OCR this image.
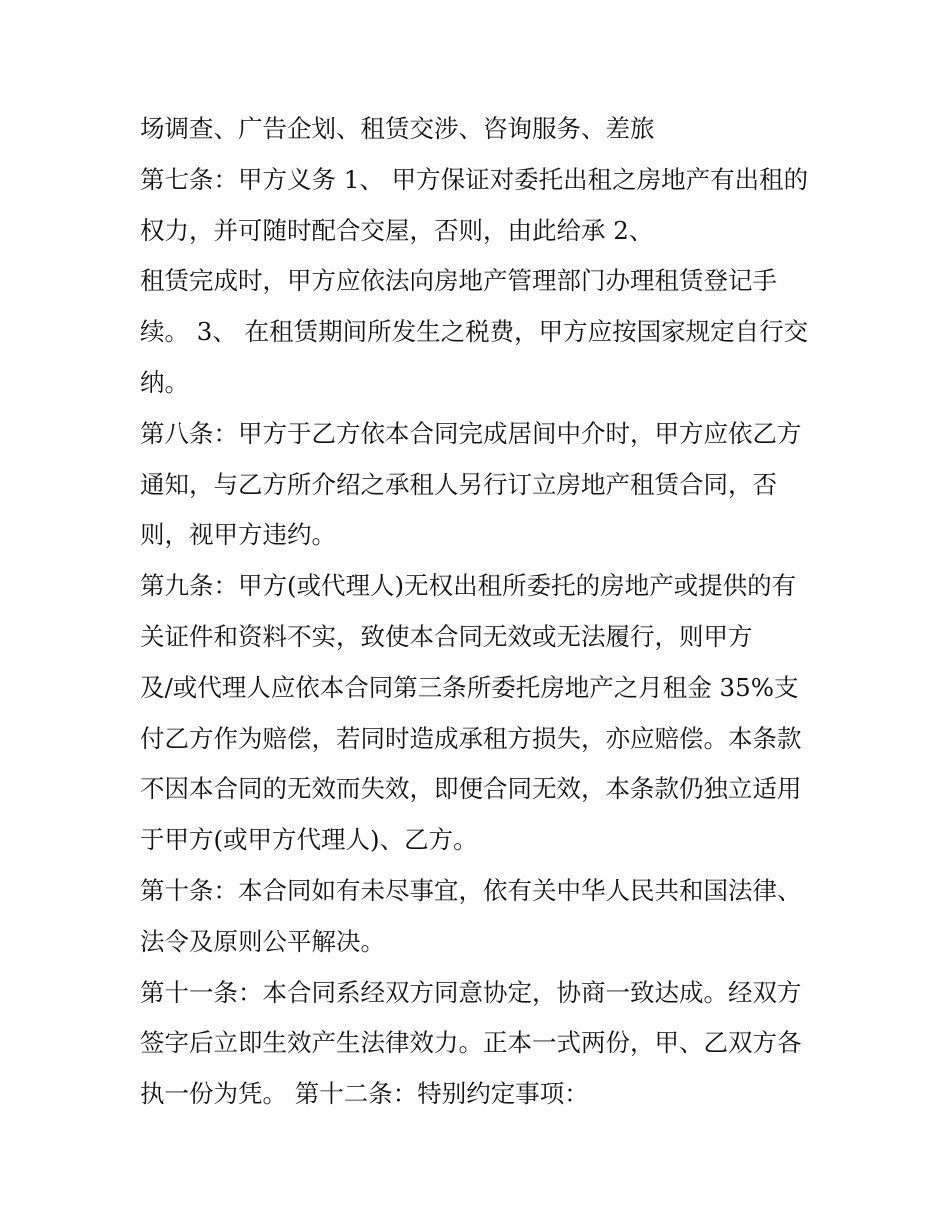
场调查、广告企划、租赁交涉、咨询服务、差旅
第七条：甲方义务 1、 甲方保证对委托出租之房地产有出租的
权力，并可随时配合交屋，否则，由此给承 2、
租赁完成时，甲方应依法向房地产管理部门办理租赁登记手
续。 3、 在租赁期间所发生之税费，甲方应按国家规定自行交
纳。
第八条：甲方于乙方依本合同完成居间中介时，甲方应依乙方
通知，与乙方所介绍之承租人另行订立房地产租赁合同，否
则，视甲方违约。
第九条：甲方(或代理人)无权出租所委托的房地产或提供的有
关证件和资料不实，致使本合同无效或无法履行，则甲方
及/或代理人应依本合同第三条所委托房地产之月租金 35%支
付乙方作为赔偿，若同时造成承租方损失，亦应赔偿。本条款
不因本合同的无效而失效，即便合同无效，本条款仍独立适用
于甲方(或甲方代理人)、乙方。
第十条：本合同如有未尽事宜，依有关中华人民共和国法律、
法令及原则公平解决。
第十一条：本合同系经双方同意协定，协商一致达成。经双方
签字后立即生效产生法律效力。正本一式两份，甲、乙双方各
执一份为凭。 第十二条：特别约定事项：
